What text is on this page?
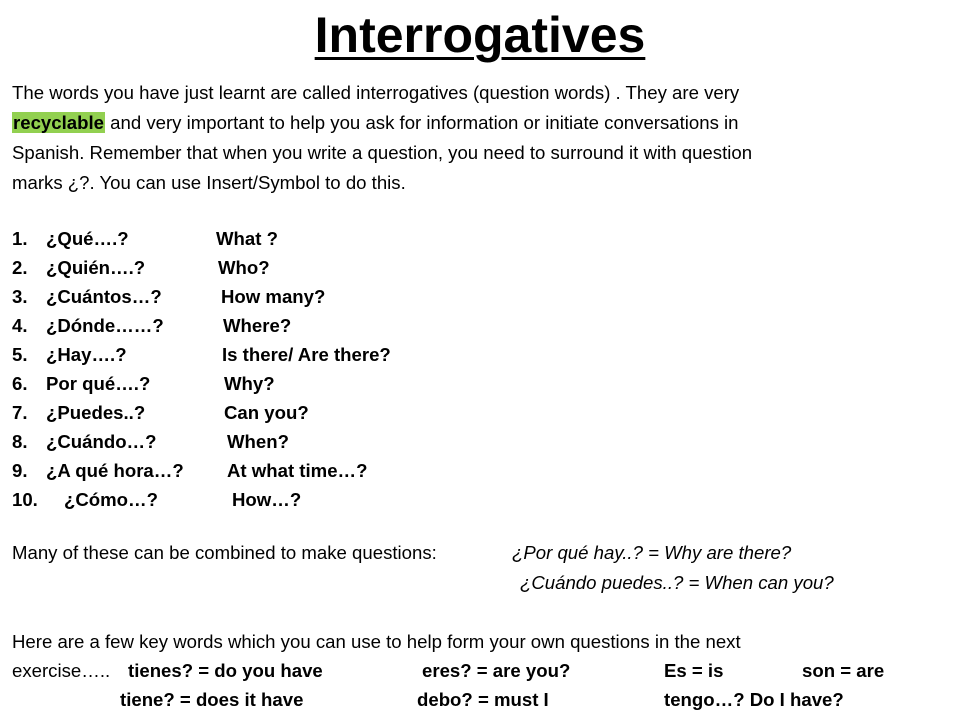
Interrogatives
The words you have just learnt are called interrogatives (question words) . They are very
recyclable and very important to help you ask for information or initiate conversations in
Spanish. Remember that when you write a question, you need to surround it with question
marks ¿?. You can use Insert/Symbol to do this.
1. ¿Qué….?	What ?
2. ¿Quién….?	Who?
3. ¿Cuántos…?	How many?
4. ¿Dónde……?	Where?
5. ¿Hay….?	Is there/ Are there?
6. Por qué….?	Why?
7. ¿Puedes..?	Can you?
8. ¿Cuándo…?	When?
9. ¿A qué hora…? At what time…?
10. ¿Cómo…?	How…?
Many of these can be combined to make questions:	¿Por qué hay..? = Why are there?
¿Cuándo puedes..? = When can you?
Here are a few key words which you can use to help form your own questions in the next
exercise….. tienes? = do you have	eres? = are you?	Es = is	son = are
tiene? = does it have	debo? = must I	tengo…? Do I have?
